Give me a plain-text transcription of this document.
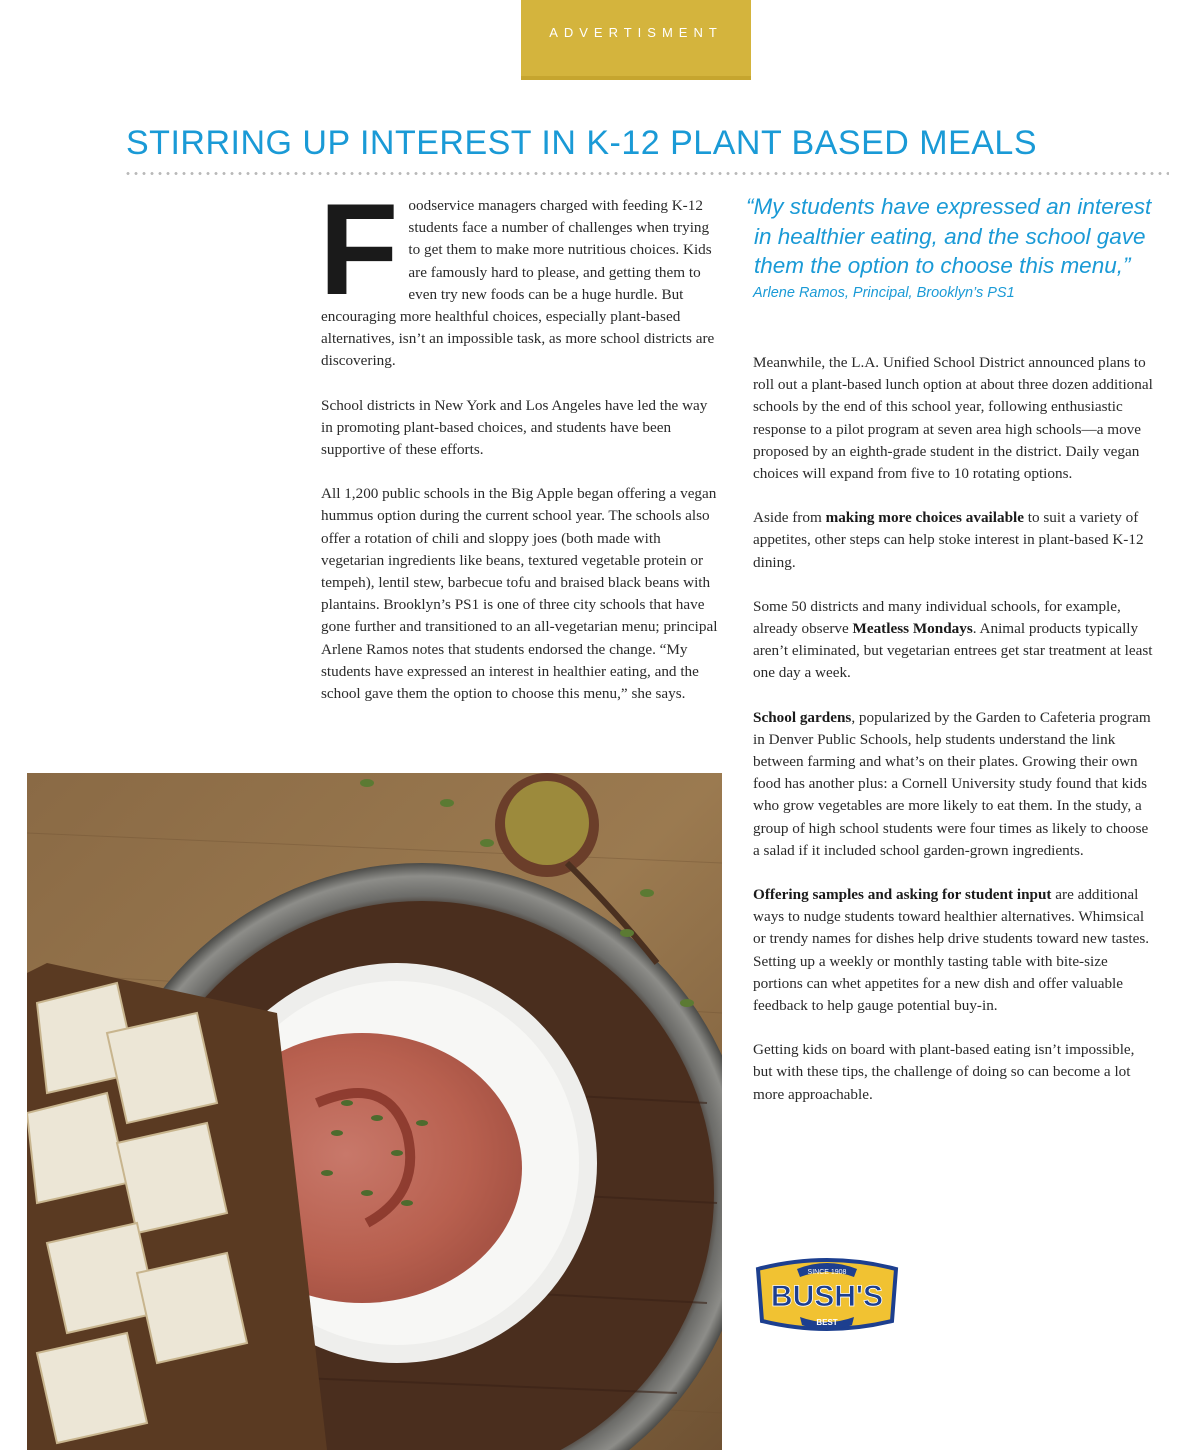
ADVERTISMENT
STIRRING UP INTEREST IN K-12 PLANT BASED MEALS

Foodservice managers charged with feeding K-12 students face a number of challenges when trying to get them to make more nutritious choices. Kids are famously hard to please, and getting them to even try new foods can be a huge hurdle. But encouraging more healthful choices, especially plant-based alternatives, isn’t an impossible task, as more school districts are discovering.

School districts in New York and Los Angeles have led the way in promoting plant-based choices, and students have been supportive of these efforts.

All 1,200 public schools in the Big Apple began offering a vegan hummus option during the current school year. The schools also offer a rotation of chili and sloppy joes (both made with vegetarian ingredients like beans, textured vegetable protein or tempeh), lentil stew, barbecue tofu and braised black beans with plantains. Brooklyn’s PS1 is one of three city schools that have gone further and transitioned to an all-vegetarian menu; principal Arlene Ramos notes that students endorsed the change. “My students have expressed an interest in healthier eating, and the school gave them the option to choose this menu,” she says.

“My students have expressed an interest in healthier eating, and the school gave them the option to choose this menu,”
Arlene Ramos, Principal, Brooklyn’s PS1

Meanwhile, the L.A. Unified School District announced plans to roll out a plant-based lunch option at about three dozen additional schools by the end of this school year, following enthusiastic response to a pilot program at seven area high schools—a move proposed by an eighth-grade student in the district. Daily vegan choices will expand from five to 10 rotating options.

Aside from making more choices available to suit a variety of appetites, other steps can help stoke interest in plant-based K-12 dining.

Some 50 districts and many individual schools, for example, already observe Meatless Mondays. Animal products typically aren’t eliminated, but vegetarian entrees get star treatment at least one day a week.

School gardens, popularized by the Garden to Cafeteria program in Denver Public Schools, help students understand the link between farming and what’s on their plates. Growing their own food has another plus: a Cornell University study found that kids who grow vegetables are more likely to eat them. In the study, a group of high school students were four times as likely to choose a salad if it included school garden-grown ingredients.

Offering samples and asking for student input are additional ways to nudge students toward healthier alternatives. Whimsical or trendy names for dishes help drive students toward new tastes. Setting up a weekly or monthly tasting table with bite-size portions can whet appetites for a new dish and offer valuable feedback to help gauge potential buy-in.

Getting kids on board with plant-based eating isn’t impossible, but with these tips, the challenge of doing so can become a lot more approachable.

SINCE 1908
BUSH'S
BEST
